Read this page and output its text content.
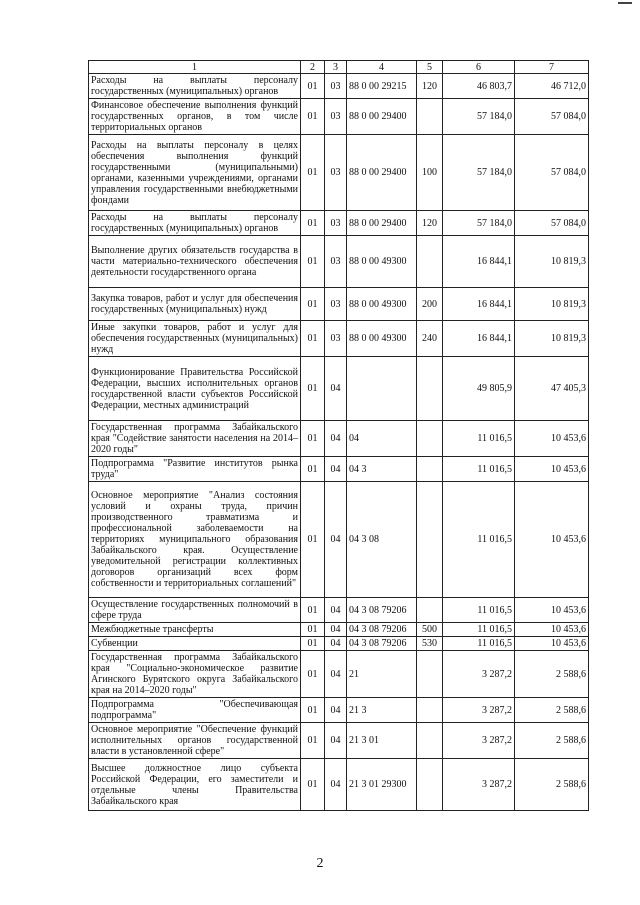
1	2	3	4	5	6	7
Расходы на выплаты персоналу государственных (муниципальных) органов	01	03	88 0 00 29215	120	46 803,7	46 712,0
Финансовое обеспечение выполнения функций государственных органов, в том числе территориальных органов	01	03	88 0 00 29400		57 184,0	57 084,0
Расходы на выплаты персоналу в целях обеспечения выполнения функций государственными (муниципальными) органами, казенными учреждениями, органами управления государственными внебюджетными фондами	01	03	88 0 00 29400	100	57 184,0	57 084,0
Расходы на выплаты персоналу государственных (муниципальных) органов	01	03	88 0 00 29400	120	57 184,0	57 084,0
Выполнение других обязательств государства в части материально-технического обеспечения деятельности государственного органа	01	03	88 0 00 49300		16 844,1	10 819,3
Закупка товаров, работ и услуг для обеспечения государственных (муниципальных) нужд	01	03	88 0 00 49300	200	16 844,1	10 819,3
Иные закупки товаров, работ и услуг для обеспечения государственных (муниципальных) нужд	01	03	88 0 00 49300	240	16 844,1	10 819,3
Функционирование Правительства Российской Федерации, высших исполнительных органов государственной власти субъектов Российской Федерации, местных администраций	01	04			49 805,9	47 405,3
Государственная программа Забайкальского края "Содействие занятости населения на 2014–2020 годы"	01	04	04		11 016,5	10 453,6
Подпрограмма "Развитие институтов рынка труда"	01	04	04 3		11 016,5	10 453,6
Основное мероприятие "Анализ состояния условий и охраны труда, причин производственного травматизма и профессиональной заболеваемости на территориях муниципального образования Забайкальского края. Осуществление уведомительной регистрации коллективных договоров организаций всех форм собственности и территориальных соглашений"	01	04	04 3 08		11 016,5	10 453,6
Осуществление государственных полномочий в сфере труда	01	04	04 3 08 79206		11 016,5	10 453,6
Межбюджетные трансферты	01	04	04 3 08 79206	500	11 016,5	10 453,6
Субвенции	01	04	04 3 08 79206	530	11 016,5	10 453,6
Государственная программа Забайкальского края "Социально-экономическое развитие Агинского Бурятского округа Забайкальского края на 2014–2020 годы"	01	04	21		3 287,2	2 588,6
Подпрограмма "Обеспечивающая подпрограмма"	01	04	21 3		3 287,2	2 588,6
Основное мероприятие "Обеспечение функций исполнительных органов государственной власти в установленной сфере"	01	04	21 3 01		3 287,2	2 588,6
Высшее должностное лицо субъекта Российской Федерации, его заместители и отдельные члены Правительства Забайкальского края	01	04	21 3 01 29300		3 287,2	2 588,6
2
